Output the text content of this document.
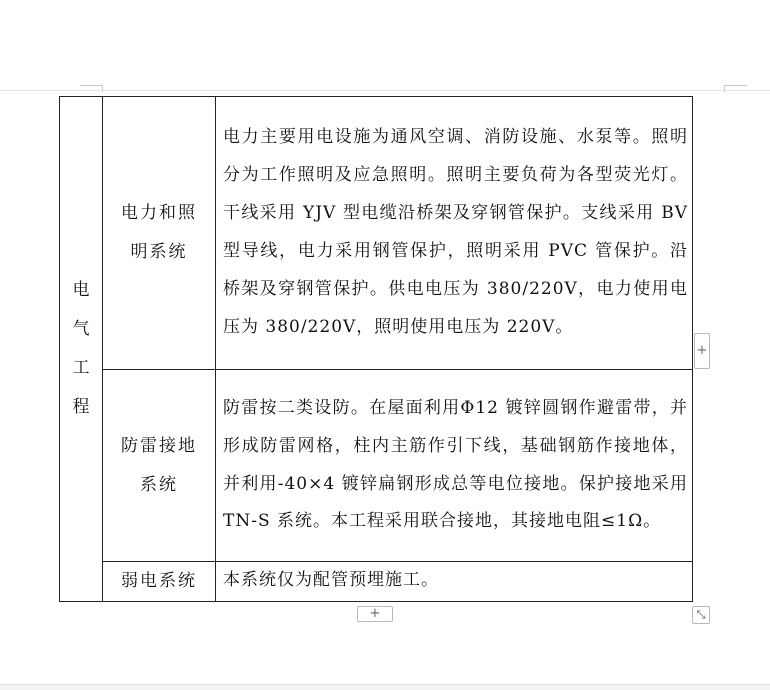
电气工程	电力和照明系统	电力主要用电设施为通风空调、消防设施、水泵等。照明分为工作照明及应急照明。照明主要负荷为各型荧光灯。干线采用 YJV 型电缆沿桥架及穿钢管保护。支线采用 BV 型导线，电力采用钢管保护，照明采用 PVC 管保护。沿桥架及穿钢管保护。供电电压为 380/220V，电力使用电压为 380/220V，照明使用电压为 220V。
	防雷接地系统	防雷按二类设防。在屋面利用Φ12 镀锌圆钢作避雷带，并形成防雷网格，柱内主筋作引下线，基础钢筋作接地体，并利用-40×4 镀锌扁钢形成总等电位接地。保护接地采用 TN-S 系统。本工程采用联合接地，其接地电阻≤1Ω。
	弱电系统	本系统仅为配管预埋施工。
+
+	⤡
